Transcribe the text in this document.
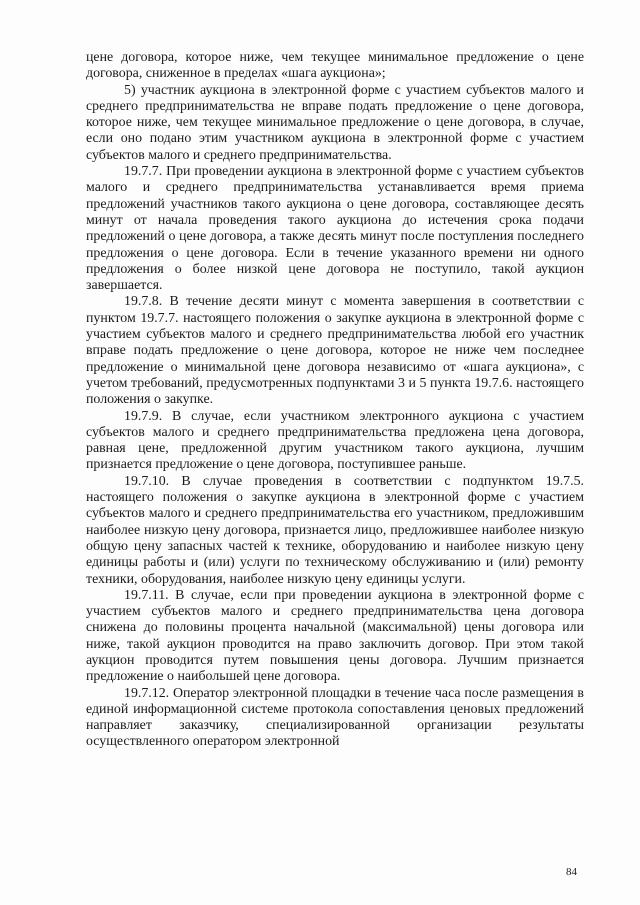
цене договора, которое ниже, чем текущее минимальное предложение о цене договора, сниженное в пределах «шага аукциона»;

5) участник аукциона в электронной форме с участием субъектов малого и среднего предпринимательства не вправе подать предложение о цене договора, которое ниже, чем текущее минимальное предложение о цене договора, в случае, если оно подано этим участником аукциона в электронной форме с участием субъектов малого и среднего предпринимательства.

19.7.7. При проведении аукциона в электронной форме с участием субъектов малого и среднего предпринимательства устанавливается время приема предложений участников такого аукциона о цене договора, составляющее десять минут от начала проведения такого аукциона до истечения срока подачи предложений о цене договора, а также десять минут после поступления последнего предложения о цене договора. Если в течение указанного времени ни одного предложения о более низкой цене договора не поступило, такой аукцион завершается.

19.7.8. В течение десяти минут с момента завершения в соответствии с пунктом 19.7.7. настоящего положения о закупке аукциона в электронной форме с участием субъектов малого и среднего предпринимательства любой его участник вправе подать предложение о цене договора, которое не ниже чем последнее предложение о минимальной цене договора независимо от «шага аукциона», с учетом требований, предусмотренных подпунктами 3 и 5 пункта 19.7.6. настоящего положения о закупке.

19.7.9. В случае, если участником электронного аукциона с участием субъектов малого и среднего предпринимательства предложена цена договора, равная цене, предложенной другим участником такого аукциона, лучшим признается предложение о цене договора, поступившее раньше.

19.7.10. В случае проведения в соответствии с подпунктом 19.7.5. настоящего положения о закупке аукциона в электронной форме с участием субъектов малого и среднего предпринимательства его участником, предложившим наиболее низкую цену договора, признается лицо, предложившее наиболее низкую общую цену запасных частей к технике, оборудованию и наиболее низкую цену единицы работы и (или) услуги по техническому обслуживанию и (или) ремонту техники, оборудования, наиболее низкую цену единицы услуги.

19.7.11. В случае, если при проведении аукциона в электронной форме с участием субъектов малого и среднего предпринимательства цена договора снижена до половины процента начальной (максимальной) цены договора или ниже, такой аукцион проводится на право заключить договор. При этом такой аукцион проводится путем повышения цены договора. Лучшим признается предложение о наибольшей цене договора.

19.7.12. Оператор электронной площадки в течение часа после размещения в единой информационной системе протокола сопоставления ценовых предложений направляет заказчику, специализированной организации результаты осуществленного оператором электронной

84
